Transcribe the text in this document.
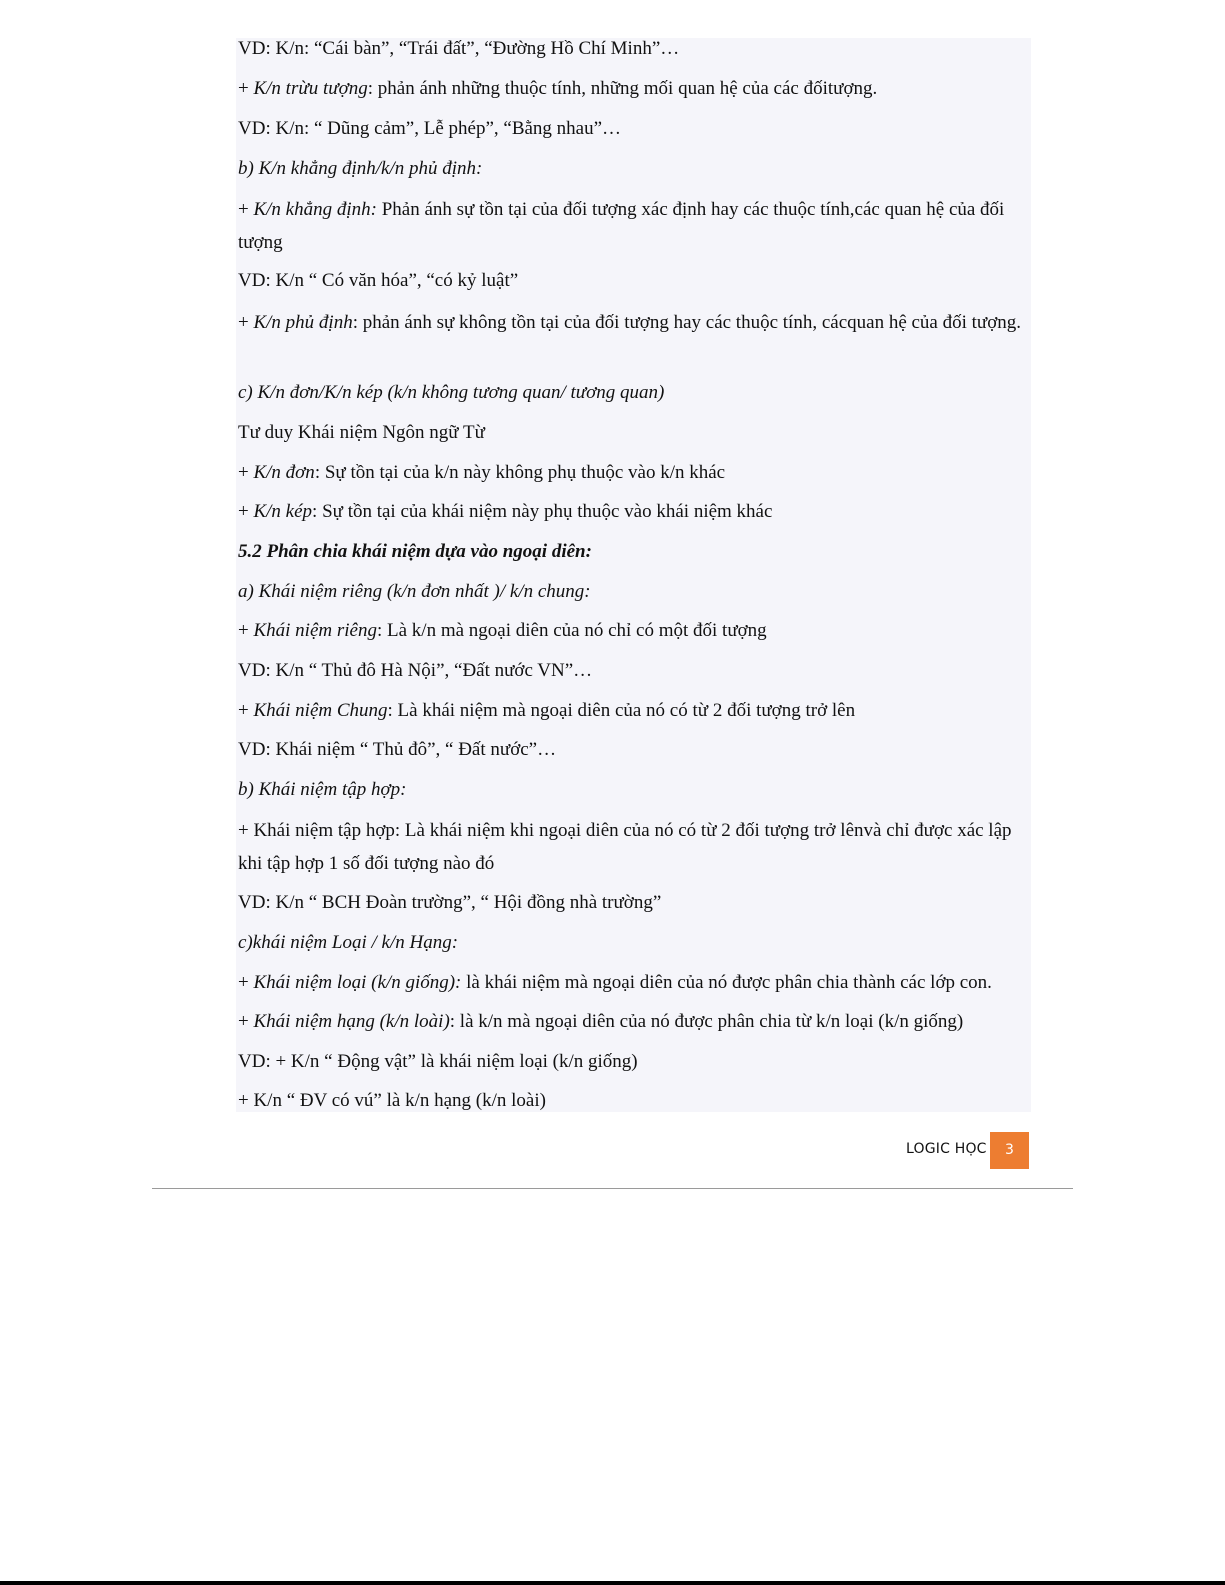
VD: K/n: “Cái bàn”, “Trái đất”, “Đường Hồ Chí Minh”…
+ K/n trừu tượng: phản ánh những thuộc tính, những mối quan hệ của các đốitượng.
VD: K/n: “ Dũng cảm”, Lễ phép”, “Bằng nhau”…
b) K/n khẳng định/k/n phủ định:
+ K/n khẳng định: Phản ánh sự tồn tại của đối tượng xác định hay các thuộc tính,các quan hệ của đối tượng
VD: K/n “ Có văn hóa”, “có kỷ luật”
+ K/n phủ định: phản ánh sự không tồn tại của đối tượng hay các thuộc tính, cácquan hệ của đối tượng.
c) K/n đơn/K/n kép (k/n không tương quan/ tương quan)
Tư duy Khái niệm Ngôn ngữ Từ
+ K/n đơn: Sự tồn tại của k/n này không phụ thuộc vào k/n khác
+ K/n kép: Sự tồn tại của khái niệm này phụ thuộc vào khái niệm khác
5.2 Phân chia khái niệm dựa vào ngoại diên:
a) Khái niệm riêng (k/n đơn nhất )/ k/n chung:
+ Khái niệm riêng: Là k/n mà ngoại diên của nó chỉ có một đối tượng
VD: K/n “ Thủ đô Hà Nội”, “Đất nước VN”…
+ Khái niệm Chung: Là khái niệm mà ngoại diên của nó có từ 2 đối tượng trở lên
VD: Khái niệm “ Thủ đô”, “ Đất nước”…
b) Khái niệm tập hợp:
+ Khái niệm tập hợp: Là khái niệm khi ngoại diên của nó có từ 2 đối tượng trở lênvà chỉ được xác lập khi tập hợp 1 số đối tượng nào đó
VD: K/n “ BCH Đoàn trường”, “ Hội đồng nhà trường”
c)khái niệm Loại / k/n Hạng:
+ Khái niệm loại (k/n giống): là khái niệm mà ngoại diên của nó được phân chia thành các lớp con.
+ Khái niệm hạng (k/n loài): là k/n mà ngoại diên của nó được phân chia từ k/n loại (k/n giống)
VD: + K/n “ Động vật” là khái niệm loại (k/n giống)
+ K/n “ ĐV có vú” là k/n hạng (k/n loài)
LOGIC HỌC	3
